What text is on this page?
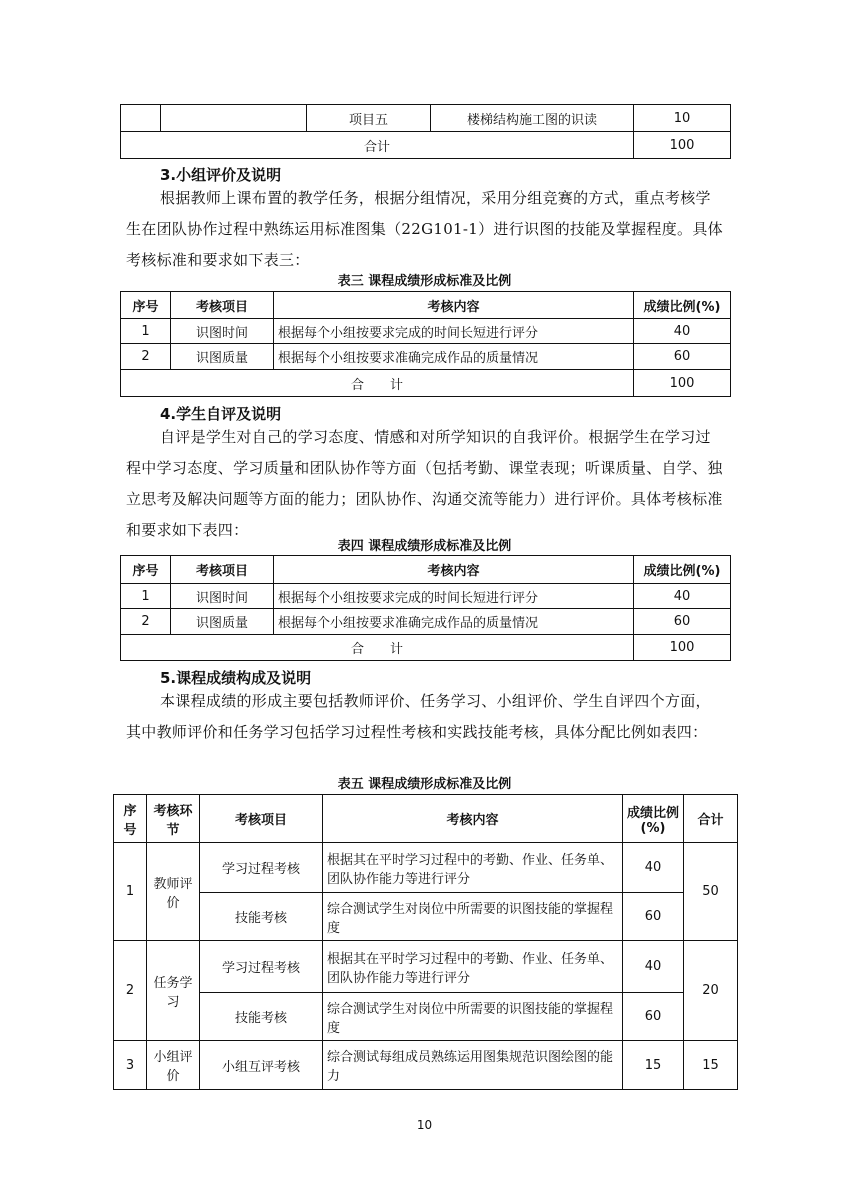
		项目五	楼梯结构施工图的识读	10
合计				100

3.小组评价及说明

根据教师上课布置的教学任务，根据分组情况，采用分组竞赛的方式，重点考核学生在团队协作过程中熟练运用标准图集（22G101-1）进行识图的技能及掌握程度。具体考核标准和要求如下表三：

表三 课程成绩形成标准及比例

序号	考核项目	考核内容	成绩比例(%)
1	识图时间	根据每个小组按要求完成的时间长短进行评分	40
2	识图质量	根据每个小组按要求准确完成作品的质量情况	60
合　　计			100

4.学生自评及说明

自评是学生对自己的学习态度、情感和对所学知识的自我评价。根据学生在学习过程中学习态度、学习质量和团队协作等方面（包括考勤、课堂表现；听课质量、自学、独立思考及解决问题等方面的能力；团队协作、沟通交流等能力）进行评价。具体考核标准和要求如下表四：

表四 课程成绩形成标准及比例

序号	考核项目	考核内容	成绩比例(%)
1	识图时间	根据每个小组按要求完成的时间长短进行评分	40
2	识图质量	根据每个小组按要求准确完成作品的质量情况	60
合　　计			100

5.课程成绩构成及说明

本课程成绩的形成主要包括教师评价、任务学习、小组评价、学生自评四个方面，其中教师评价和任务学习包括学习过程性考核和实践技能考核，具体分配比例如表四：

表五 课程成绩形成标准及比例

序号	考核环节	考核项目	考核内容	成绩比例(%)	合计
1	教师评价	学习过程考核	根据其在平时学习过程中的考勤、作业、任务单、团队协作能力等进行评分	40	50
		技能考核	综合测试学生对岗位中所需要的识图技能的掌握程度	60	
2	任务学习	学习过程考核	根据其在平时学习过程中的考勤、作业、任务单、团队协作能力等进行评分	40	20
		技能考核	综合测试学生对岗位中所需要的识图技能的掌握程度	60	
3	小组评价	小组互评考核	综合测试每组成员熟练运用图集规范识图绘图的能力	15	15
10
